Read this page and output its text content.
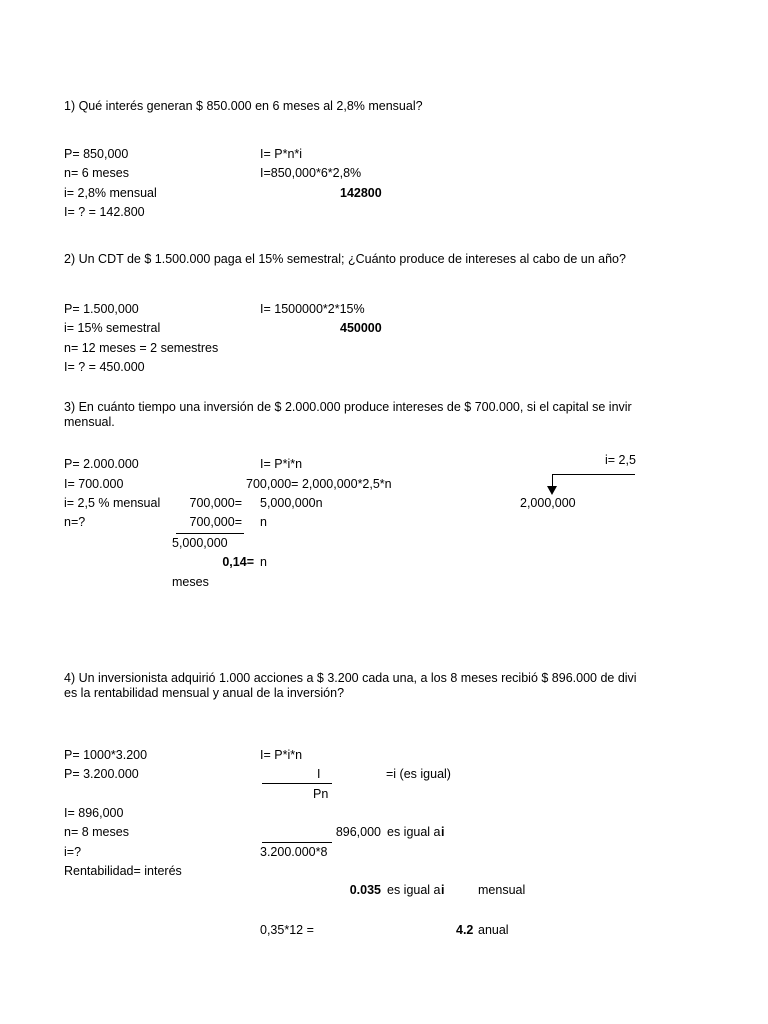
1) Qué interés generan $ 850.000 en 6 meses al 2,8% mensual?
P= 850,000
n= 6 meses
i= 2,8% mensual
I= ? = 142.800
I= P*n*i
I=850,000*6*2,8%
142800
2) Un CDT de $ 1.500.000 paga el 15% semestral; ¿Cuánto produce de intereses al cabo de un año?
P= 1.500,000
i= 15% semestral
n= 12 meses = 2 semestres
I= ? = 450.000
I= 1500000*2*15%
450000
3) En cuánto tiempo una inversión de $ 2.000.000 produce intereses de $ 700.000, si el capital se invir
mensual.
P= 2.000.000
I= 700.000
i= 2,5 % mensual
n=?
I= P*i*n
700,000= 2,000,000*2,5*n
700,000= 5,000,000n
700,000= n
5,000,000
0,14= n
meses
i= 2,5
2,000,000
4) Un inversionista adquirió 1.000 acciones a $ 3.200 cada una, a los 8 meses recibió $ 896.000 de divi
es la rentabilidad mensual y anual de la inversión?
P= 1000*3.200
P= 3.200.000
I= 896,000
n= 8 meses
i=?
Rentabilidad= interés
I= P*i*n
I
Pn
=i (es igual)
896,000 es igual a i
3.200.000*8
0.035 es igual a i	mensual
0,35*12 =	4.2 anual
